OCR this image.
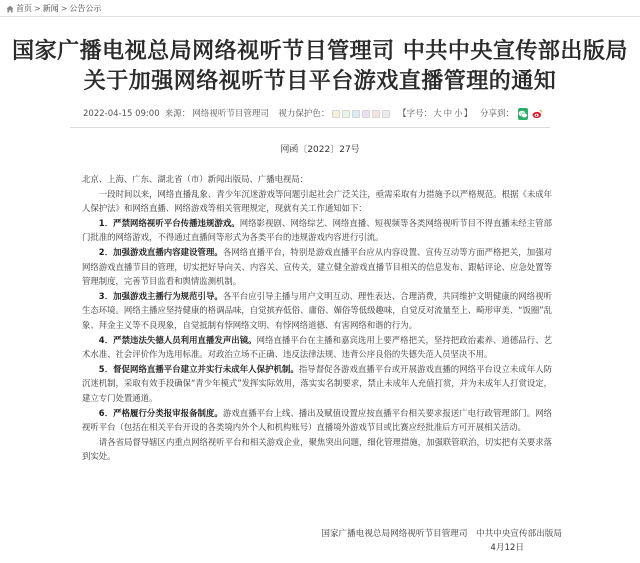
首页 > 新闻 > 公告公示
国家广播电视总局网络视听节目管理司 中共中央宣传部出版局
关于加强网络视听节目平台游戏直播管理的通知
2022-04-15 09:00 来源： 网络视听节目管理司 视力保护色：	【字号： 大 中 小 】 分享到：
网函〔2022〕27号

北京、上海、广东、湖北省（市）新闻出版局、广播电视局：

一段时间以来，网络直播乱象、青少年沉迷游戏等问题引起社会广泛关注，亟需采取有力措施予以严格规范。根据《未成年人保护法》和网络直播、网络游戏等相关管理规定，现就有关工作通知如下：

1．严禁网络视听平台传播违规游戏。网络影视剧、网络综艺、网络直播、短视频等各类网络视听节目不得直播未经主管部门批准的网络游戏，不得通过直播间等形式为各类平台的违规游戏内容进行引流。

2．加强游戏直播内容建设管理。各网络直播平台，特别是游戏直播平台应从内容设置、宣传互动等方面严格把关，加强对网络游戏直播节目的管理，切实把好导向关、内容关、宣传关，建立健全游戏直播节目相关的信息发布、跟帖评论、应急处置等管理制度，完善节目监看和舆情监测机制。

3．加强游戏主播行为规范引导。各平台应引导主播与用户文明互动、理性表达、合理消费，共同维护文明健康的网络视听生态环境。网络主播应坚持健康的格调品味，自觉摈弃低俗、庸俗、媚俗等低级趣味，自觉反对流量至上、畸形审美、“饭圈”乱象、拜金主义等不良现象，自觉抵制有悖网络文明、有悖网络道德、有害网络和谐的行为。

4．严禁违法失德人员利用直播发声出镜。网络直播平台在主播和嘉宾选用上要严格把关，坚持把政治素养、道德品行、艺术水准、社会评价作为选用标准。对政治立场不正确、违反法律法规、违背公序良俗的失德失范人员坚决不用。

5．督促网络直播平台建立并实行未成年人保护机制。指导督促各游戏直播平台或开展游戏直播的网络平台设立未成年人防沉迷机制，采取有效手段确保“青少年模式”发挥实际效用，落实实名制要求，禁止未成年人充值打赏，并为未成年人打赏设定，建立专门处置通道。

6．严格履行分类报审报备制度。游戏直播平台上线、播出及赋值设置应按直播平台相关要求报送广电行政管理部门。网络视听平台（包括在相关平台开设的各类境内外个人和机构账号）直播境外游戏节目或比赛应经批准后方可开展相关活动。

请各省局督导辖区内重点网络视听平台和相关游戏企业，聚焦突出问题，细化管理措施，加强联管联治，切实把有关要求落到实处。

国家广播电视总局网络视听节目管理司　中共中央宣传部出版局
4月12日
